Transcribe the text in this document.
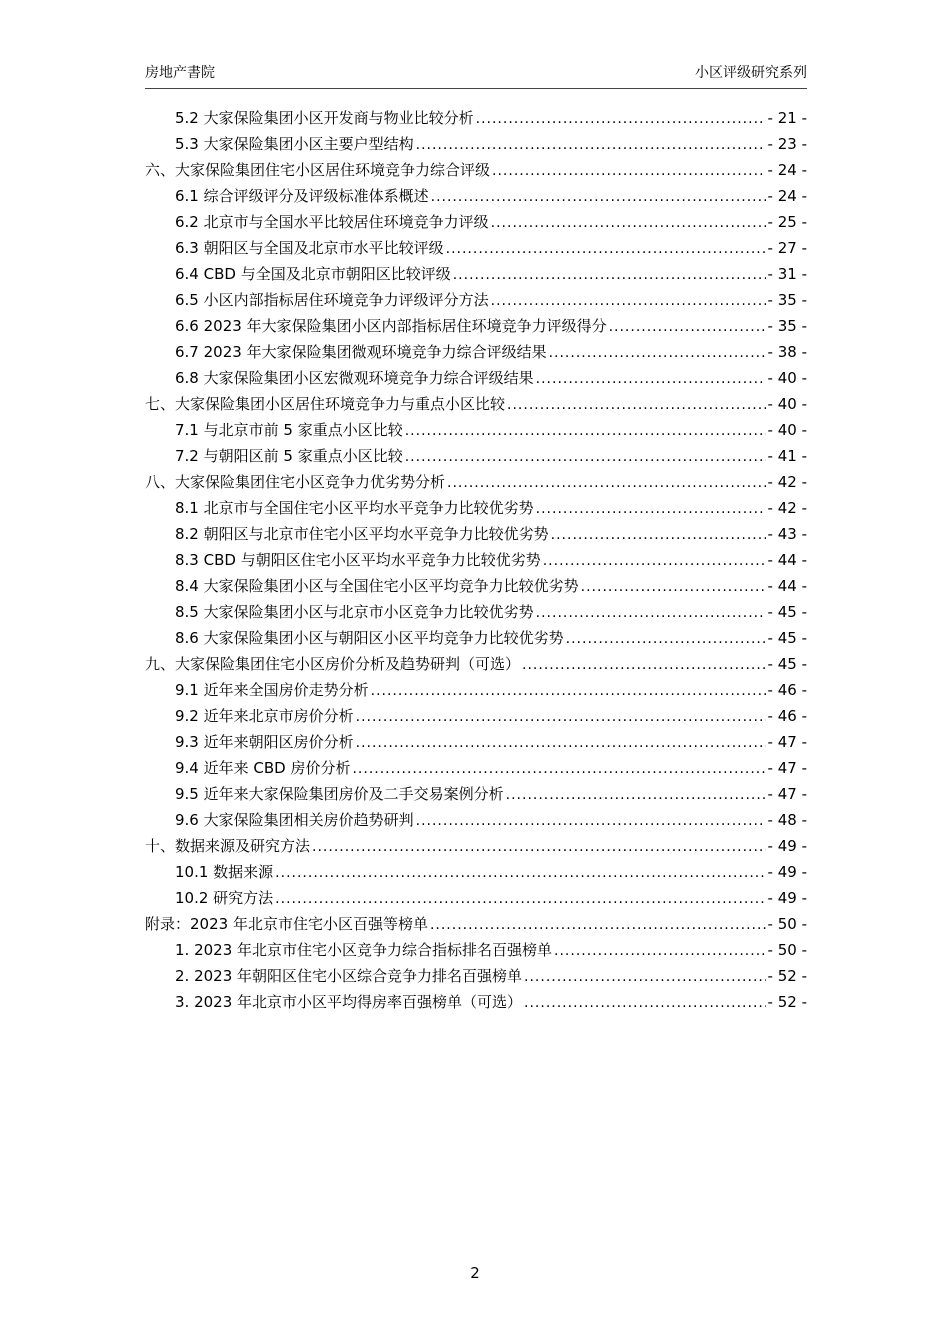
房地产書院	小区评级研究系列
5.2 大家保险集团小区开发商与物业比较分析 .....	- 21 -
5.3 大家保险集团小区主要户型结构 .....	- 23 -
六、大家保险集团住宅小区居住环境竞争力综合评级 .....	- 24 -
6.1 综合评级评分及评级标准体系概述 .....	- 24 -
6.2 北京市与全国水平比较居住环境竞争力评级 .....	- 25 -
6.3 朝阳区与全国及北京市水平比较评级 .....	- 27 -
6.4 CBD 与全国及北京市朝阳区比较评级 .....	- 31 -
6.5 小区内部指标居住环境竞争力评级评分方法 .....	- 35 -
6.6 2023 年大家保险集团小区内部指标居住环境竞争力评级得分 .....	- 35 -
6.7 2023 年大家保险集团微观环境竞争力综合评级结果 .....	- 38 -
6.8 大家保险集团小区宏微观环境竞争力综合评级结果 .....	- 40 -
七、大家保险集团小区居住环境竞争力与重点小区比较 .....	- 40 -
7.1 与北京市前 5 家重点小区比较 .....	- 40 -
7.2 与朝阳区前 5 家重点小区比较 .....	- 41 -
八、大家保险集团住宅小区竞争力优劣势分析 .....	- 42 -
8.1 北京市与全国住宅小区平均水平竞争力比较优劣势 .....	- 42 -
8.2 朝阳区与北京市住宅小区平均水平竞争力比较优劣势 .....	- 43 -
8.3 CBD 与朝阳区住宅小区平均水平竞争力比较优劣势 .....	- 44 -
8.4 大家保险集团小区与全国住宅小区平均竞争力比较优劣势 .....	- 44 -
8.5 大家保险集团小区与北京市小区竞争力比较优劣势 .....	- 45 -
8.6 大家保险集团小区与朝阳区小区平均竞争力比较优劣势 .....	- 45 -
九、大家保险集团住宅小区房价分析及趋势研判（可选） .....	- 45 -
9.1 近年来全国房价走势分析 .....	- 46 -
9.2 近年来北京市房价分析 .....	- 46 -
9.3 近年来朝阳区房价分析 .....	- 47 -
9.4 近年来 CBD 房价分析 .....	- 47 -
9.5 近年来大家保险集团房价及二手交易案例分析 .....	- 47 -
9.6 大家保险集团相关房价趋势研判 .....	- 48 -
十、数据来源及研究方法 .....	- 49 -
10.1 数据来源 .....	- 49 -
10.2 研究方法 .....	- 49 -
附录：2023 年北京市住宅小区百强等榜单 .....	- 50 -
1. 2023 年北京市住宅小区竞争力综合指标排名百强榜单 .....	- 50 -
2. 2023 年朝阳区住宅小区综合竞争力排名百强榜单 .....	- 52 -
3. 2023 年北京市小区平均得房率百强榜单（可选） .....	- 52 -
2
